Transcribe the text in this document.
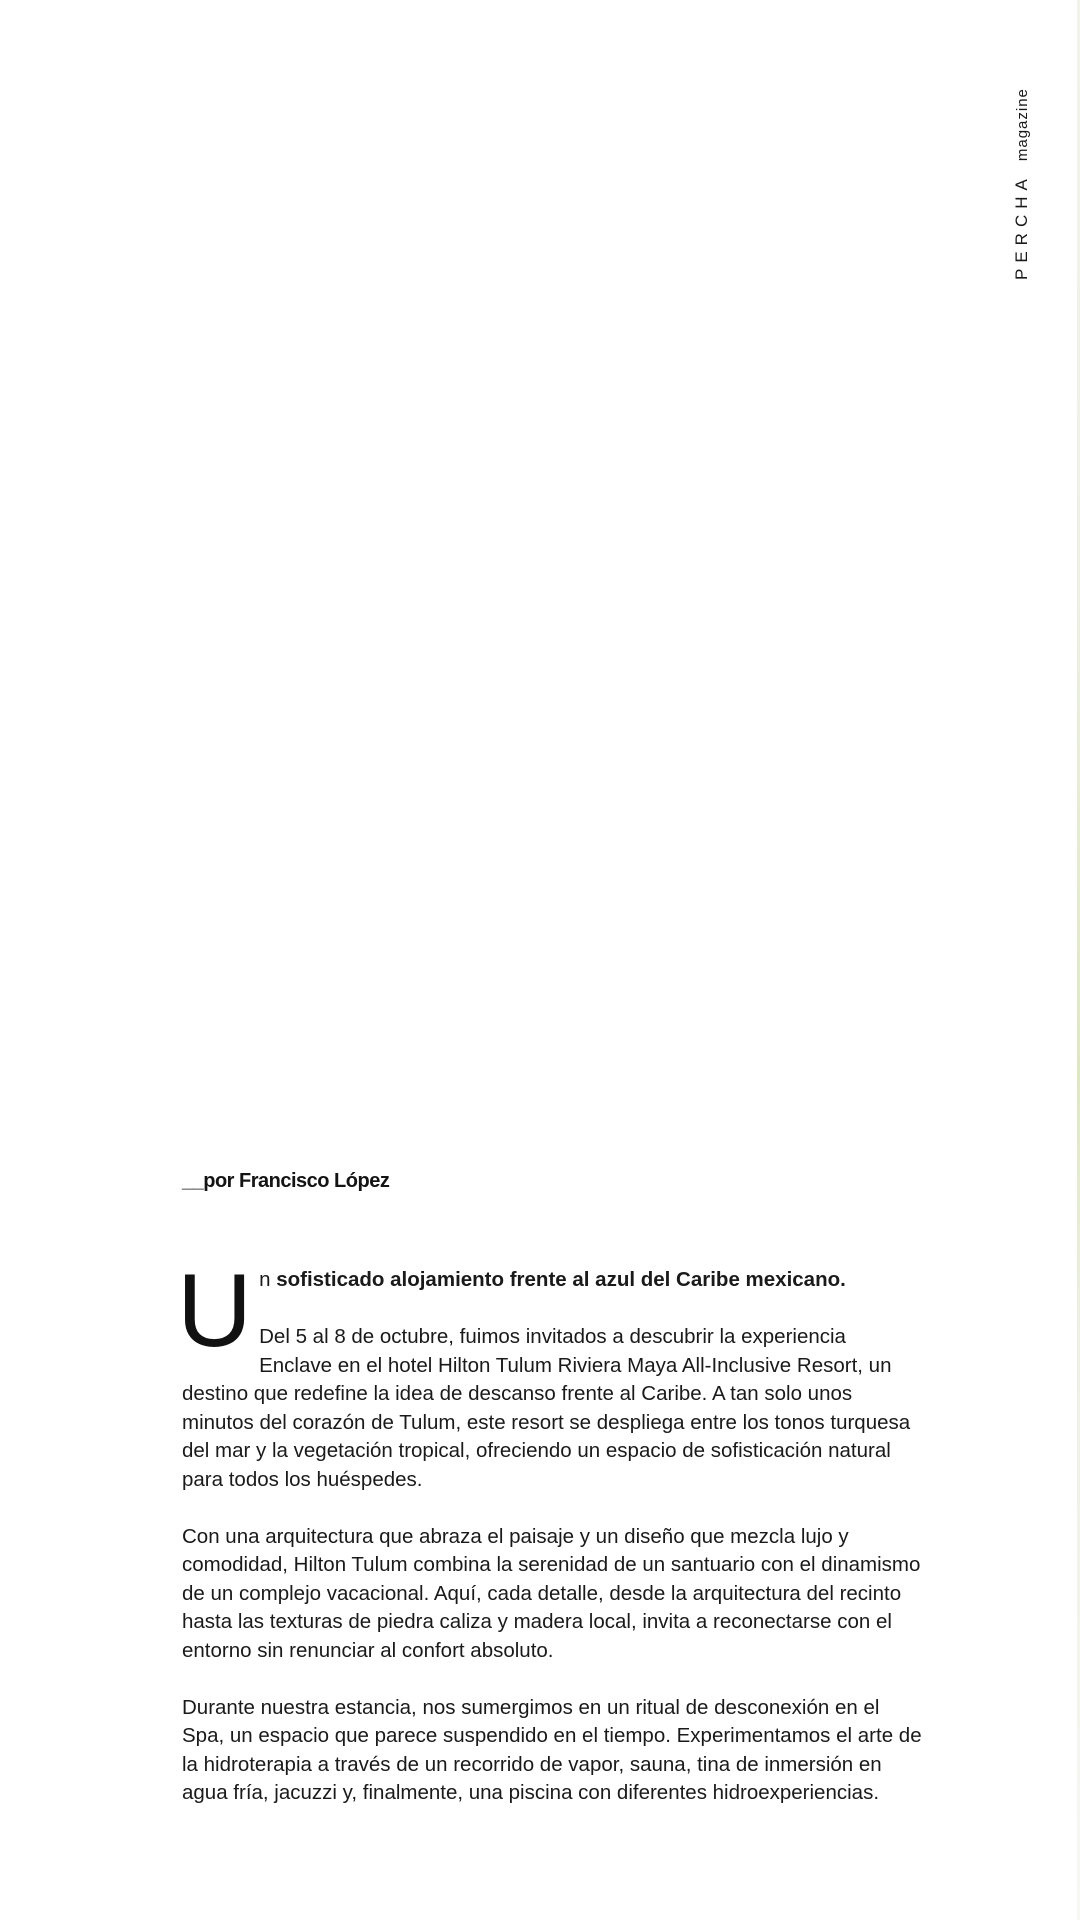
PERCHA
magazine
__por Francisco López
U n sofisticado alojamiento frente al azul del Caribe mexicano.

Del 5 al 8 de octubre, fuimos invitados a descubrir la experiencia Enclave en el hotel Hilton Tulum Riviera Maya All-Inclusive Resort, un destino que redefine la idea de descanso frente al Caribe. A tan solo unos minutos del corazón de Tulum, este resort se despliega entre los tonos turquesa del mar y la vegetación tropical, ofreciendo un espacio de sofisticación natural para todos los huéspedes.

Con una arquitectura que abraza el paisaje y un diseño que mezcla lujo y comodidad, Hilton Tulum combina la serenidad de un santuario con el dinamismo de un complejo vacacional. Aquí, cada detalle, desde la arquitectura del recinto hasta las texturas de piedra caliza y madera local, invita a reconectarse con el entorno sin renunciar al confort absoluto.

Durante nuestra estancia, nos sumergimos en un ritual de desconexión en el Spa, un espacio que parece suspendido en el tiempo. Experimentamos el arte de la hidroterapia a través de un recorrido de vapor, sauna, tina de inmersión en agua fría, jacuzzi y, finalmente, una piscina con diferentes hidroexperiencias.
